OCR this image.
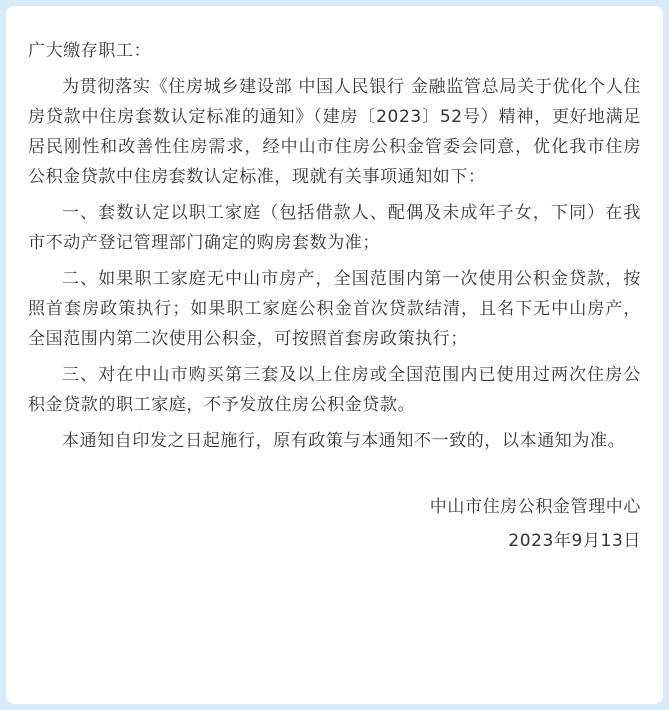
广大缴存职工：
为贯彻落实《住房城乡建设部 中国人民银行 金融监管总局关于优化个人住房贷款中住房套数认定标准的通知》（建房〔2023〕52号）精神，更好地满足居民刚性和改善性住房需求，经中山市住房公积金管委会同意，优化我市住房公积金贷款中住房套数认定标准，现就有关事项通知如下：
一、套数认定以职工家庭（包括借款人、配偶及未成年子女，下同）在我市不动产登记管理部门确定的购房套数为准；
二、如果职工家庭无中山市房产，全国范围内第一次使用公积金贷款，按照首套房政策执行；如果职工家庭公积金首次贷款结清，且名下无中山房产，全国范围内第二次使用公积金，可按照首套房政策执行；
三、对在中山市购买第三套及以上住房或全国范围内已使用过两次住房公积金贷款的职工家庭，不予发放住房公积金贷款。
本通知自印发之日起施行，原有政策与本通知不一致的，以本通知为准。
中山市住房公积金管理中心
2023年9月13日
